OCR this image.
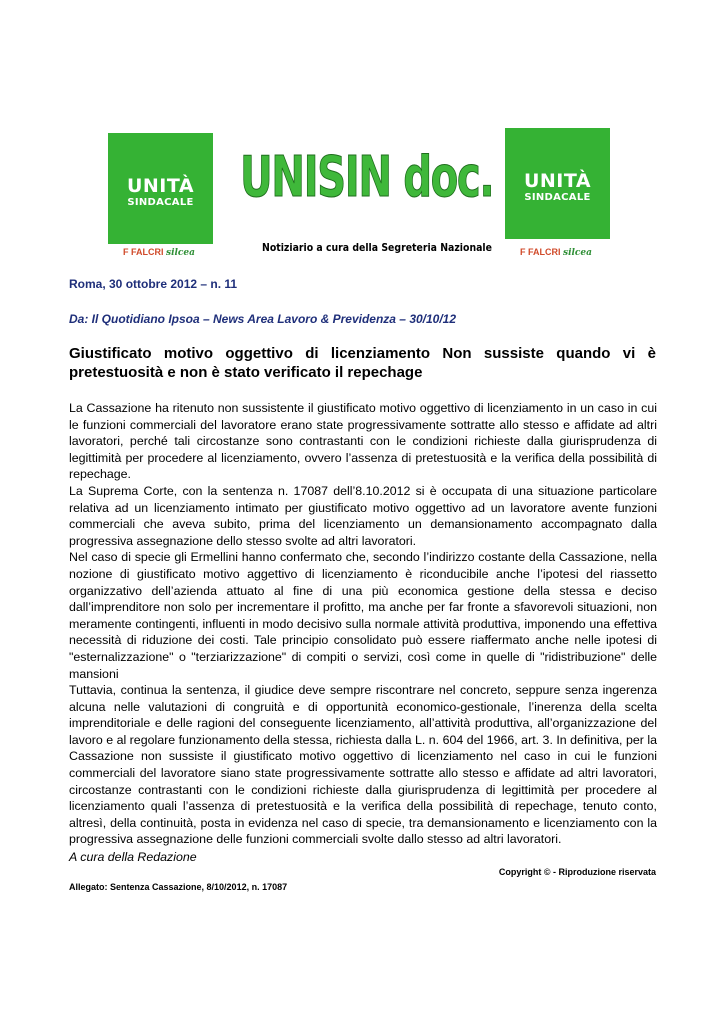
UNITÀ
SINDACALE
F FALCRI silcea
UNISIN doc.
Notiziario a cura della Segreteria Nazionale
UNITÀ
SINDACALE
F FALCRI silcea
Roma, 30 ottobre 2012 – n. 11
Da: Il Quotidiano Ipsoa – News Area Lavoro & Previdenza – 30/10/12
Giustificato motivo oggettivo di licenziamento Non sussiste quando vi è pretestuosità e non è stato verificato il repechage

La Cassazione ha ritenuto non sussistente il giustificato motivo oggettivo di licenziamento in un caso in cui le funzioni commerciali del lavoratore erano state progressivamente sottratte allo stesso e affidate ad altri lavoratori, perché tali circostanze sono contrastanti con le condizioni richieste dalla giurisprudenza di legittimità per procedere al licenziamento, ovvero l’assenza di pretestuosità e la verifica della possibilità di repechage.

La Suprema Corte, con la sentenza n. 17087 dell’8.10.2012 si è occupata di una situazione particolare relativa ad un licenziamento intimato per giustificato motivo oggettivo ad un lavoratore avente funzioni commerciali che aveva subito, prima del licenziamento un demansionamento accompagnato dalla progressiva assegnazione dello stesso svolte ad altri lavoratori.

Nel caso di specie gli Ermellini hanno confermato che, secondo l’indirizzo costante della Cassazione, nella nozione di giustificato motivo aggettivo di licenziamento è riconducibile anche l’ipotesi del riassetto organizzativo dell’azienda attuato al fine di una più economica gestione della stessa e deciso dall’imprenditore non solo per incrementare il profitto, ma anche per far fronte a sfavorevoli situazioni, non meramente contingenti, influenti in modo decisivo sulla normale attività produttiva, imponendo una effettiva necessità di riduzione dei costi. Tale principio consolidato può essere riaffermato anche nelle ipotesi di "esternalizzazione" o "terziarizzazione" di compiti o servizi, così come in quelle di "ridistribuzione" delle mansioni

Tuttavia, continua la sentenza, il giudice deve sempre riscontrare nel concreto, seppure senza ingerenza alcuna nelle valutazioni di congruità e di opportunità economico-gestionale, l’inerenza della scelta imprenditoriale e delle ragioni del conseguente licenziamento, all’attività produttiva, all’organizzazione del lavoro e al regolare funzionamento della stessa, richiesta dalla L. n. 604 del 1966, art. 3. In definitiva, per la Cassazione non sussiste il giustificato motivo oggettivo di licenziamento nel caso in cui le funzioni commerciali del lavoratore siano state progressivamente sottratte allo stesso e affidate ad altri lavoratori, circostanze contrastanti con le condizioni richieste dalla giurisprudenza di legittimità per procedere al licenziamento quali l’assenza di pretestuosità e la verifica della possibilità di repechage, tenuto conto, altresì, della continuità, posta in evidenza nel caso di specie, tra demansionamento e licenziamento con la progressiva assegnazione delle funzioni commerciali svolte dallo stesso ad altri lavoratori.

A cura della Redazione
Copyright © - Riproduzione riservata
Allegato: Sentenza Cassazione, 8/10/2012, n. 17087
